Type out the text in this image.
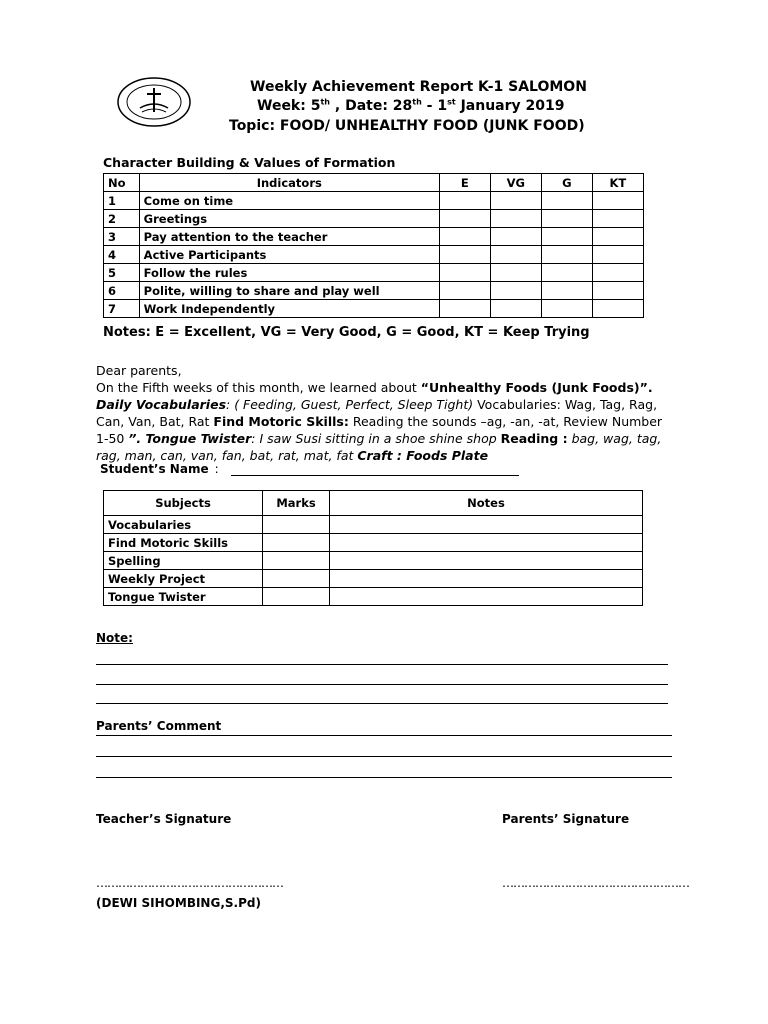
Weekly Achievement Report K-1 SALOMON
Week: 5th , Date: 28th - 1st January 2019
Topic: FOOD/ UNHEALTHY FOOD (JUNK FOOD)
Character Building & Values of Formation
No	Indicators	E	VG	G	KT
1	Come on time				
2	Greetings				
3	Pay attention to the teacher				
4	Active Participants				
5	Follow the rules				
6	Polite, willing to share and play well				
7	Work Independently				
Notes: E = Excellent, VG = Very Good, G = Good, KT = Keep Trying
Dear parents,
On the Fifth weeks of this month, we learned about “Unhealthy Foods (Junk Foods)”. Daily Vocabularies: ( Feeding, Guest, Perfect, Sleep Tight) Vocabularies: Wag, Tag, Rag, Can, Van, Bat, Rat Find Motoric Skills: Reading the sounds –ag, -an, -at, Review Number 1-50 ”. Tongue Twister: I saw Susi sitting in a shoe shine shop Reading : bag, wag, tag, rag, man, can, van, fan, bat, rat, mat, fat Craft : Foods Plate
Student’s Name :
Subjects	Marks	Notes
Vocabularies		
Find Motoric Skills		
Spelling		
Weekly Project		
Tongue Twister		
Note:
Parents’ Comment
Teacher’s Signature	Parents’ Signature
……………………………………………	……………………………………………
(DEWI SIHOMBING,S.Pd)
